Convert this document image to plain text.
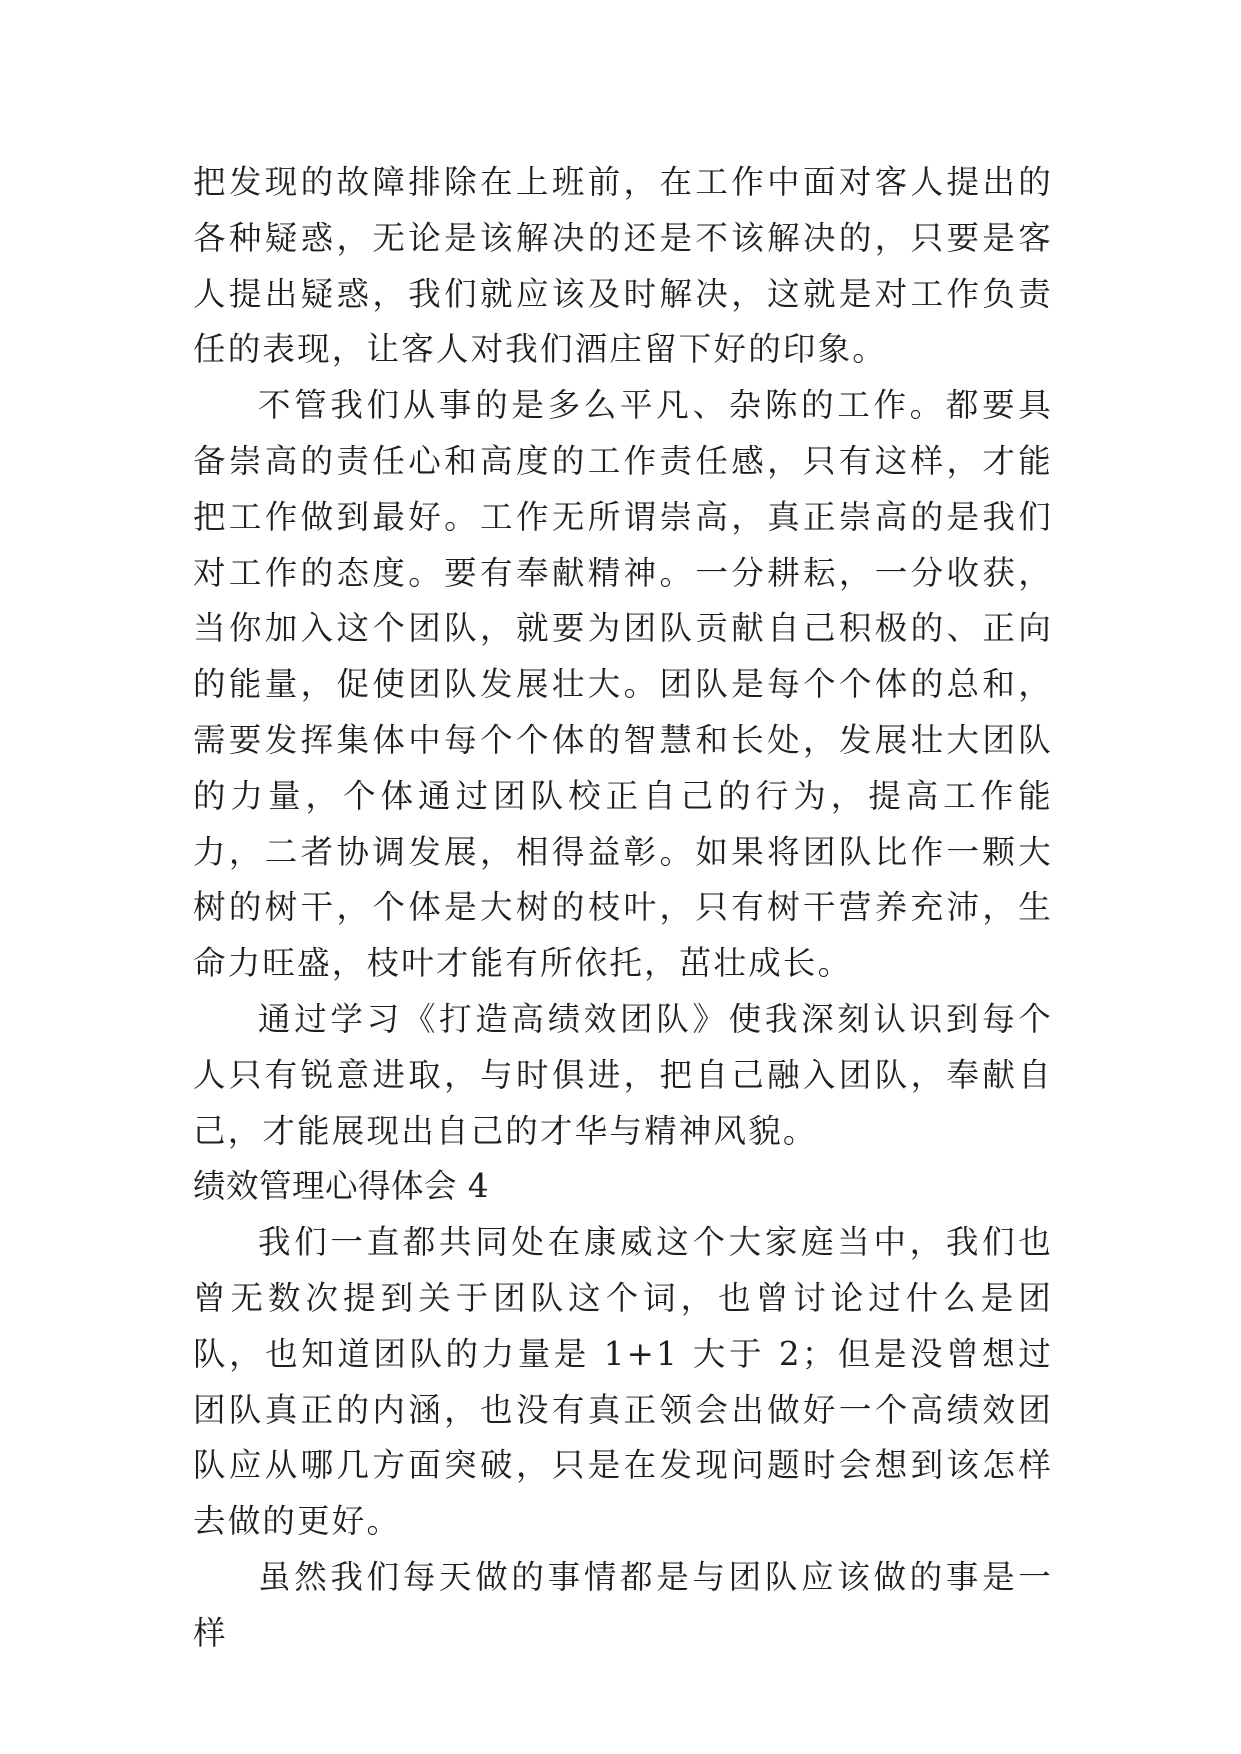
把发现的故障排除在上班前，在工作中面对客人提出的各种疑惑，无论是该解决的还是不该解决的，只要是客人提出疑惑，我们就应该及时解决，这就是对工作负责任的表现，让客人对我们酒庄留下好的印象。

不管我们从事的是多么平凡、杂陈的工作。都要具备崇高的责任心和高度的工作责任感，只有这样，才能把工作做到最好。工作无所谓崇高，真正崇高的是我们对工作的态度。要有奉献精神。一分耕耘，一分收获，当你加入这个团队，就要为团队贡献自己积极的、正向的能量，促使团队发展壮大。团队是每个个体的总和，需要发挥集体中每个个体的智慧和长处，发展壮大团队的力量，个体通过团队校正自己的行为，提高工作能力，二者协调发展，相得益彰。如果将团队比作一颗大树的树干，个体是大树的枝叶，只有树干营养充沛，生命力旺盛，枝叶才能有所依托，茁壮成长。

通过学习《打造高绩效团队》使我深刻认识到每个人只有锐意进取，与时俱进，把自己融入团队，奉献自己，才能展现出自己的才华与精神风貌。

绩效管理心得体会 4

我们一直都共同处在康威这个大家庭当中，我们也曾无数次提到关于团队这个词，也曾讨论过什么是团队，也知道团队的力量是 1+1 大于 2；但是没曾想过团队真正的内涵，也没有真正领会出做好一个高绩效团队应从哪几方面突破，只是在发现问题时会想到该怎样去做的更好。

虽然我们每天做的事情都是与团队应该做的事是一样
